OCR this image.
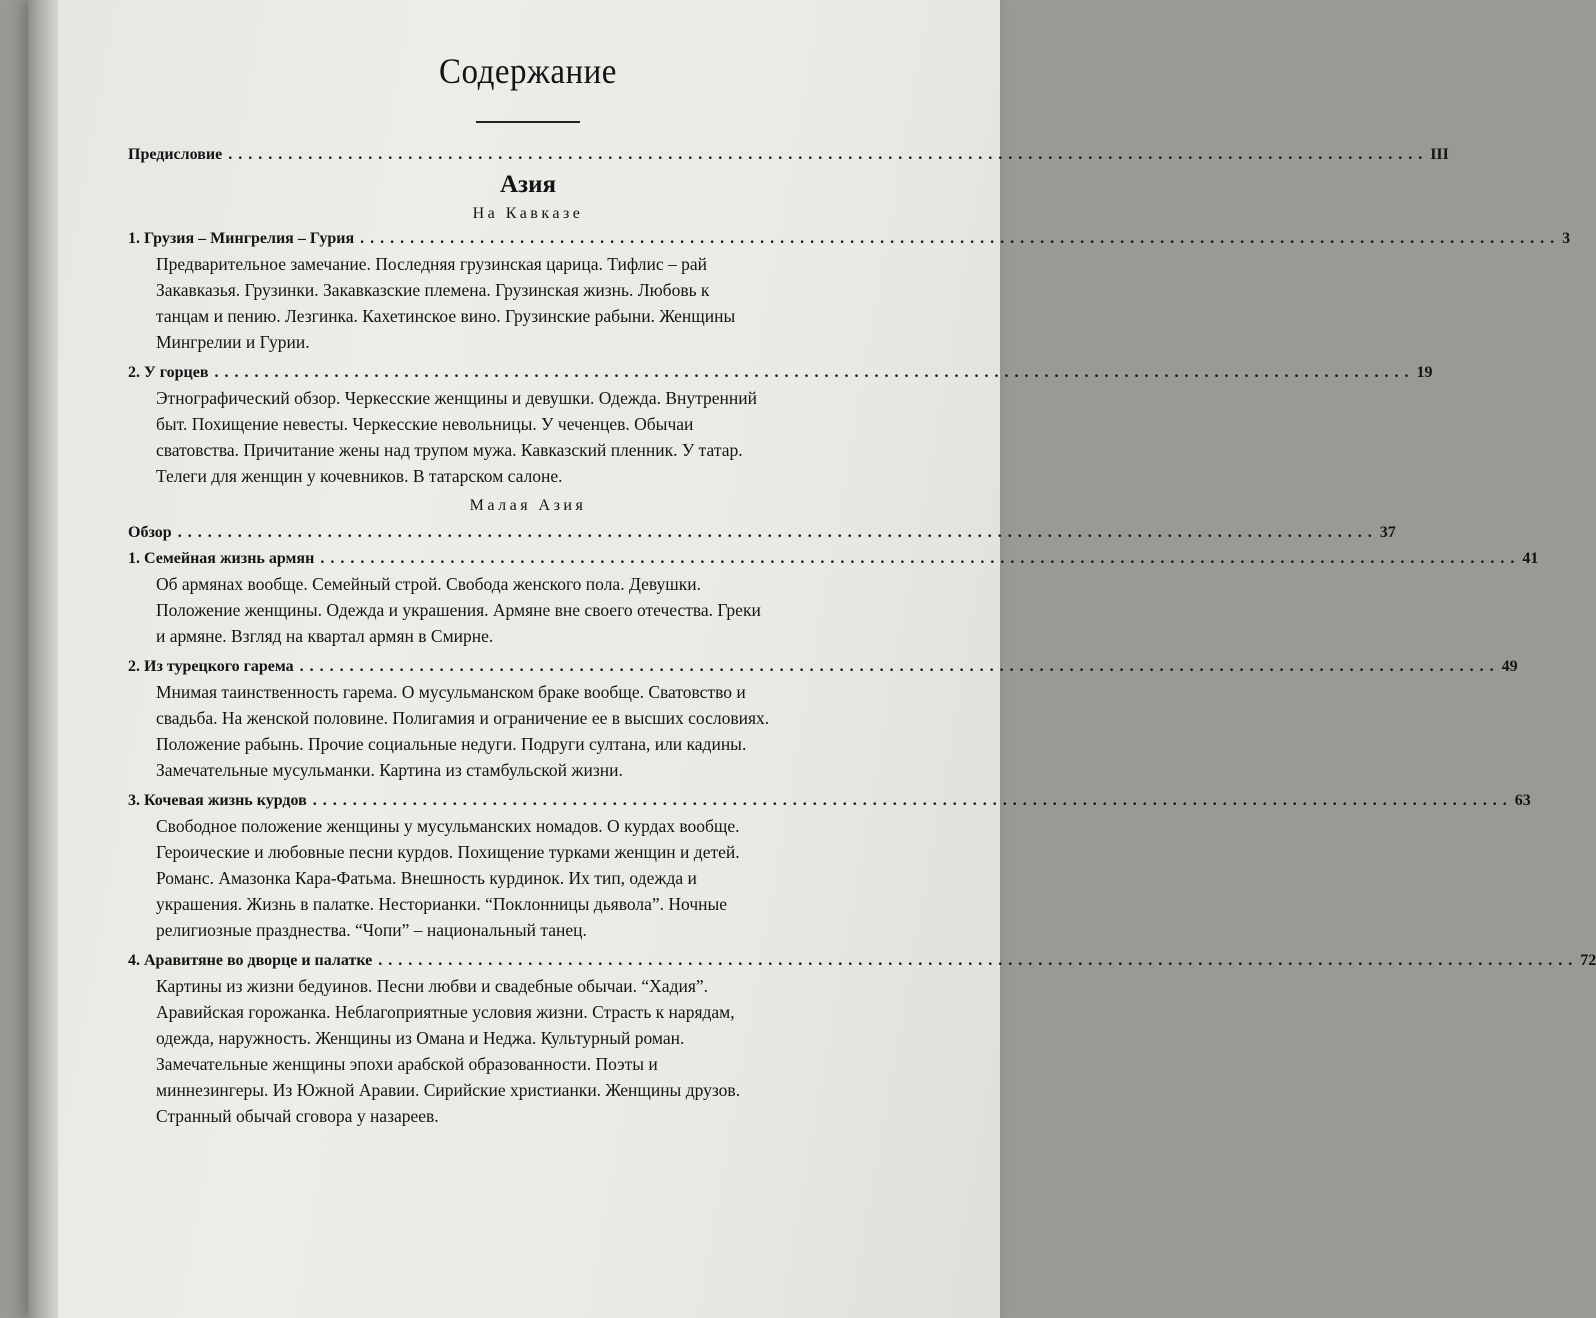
Содержание
Предисловие ........................................................................................................................ III
Азия
На Кавказе
1. Грузия – Мингрелия – Гурия ........................................................................................................................ 3
Предварительное замечание. Последняя грузинская царица. Тифлис – рай
Закавказья. Грузинки. Закавказские племена. Грузинская жизнь. Любовь к
танцам и пению. Лезгинка. Кахетинское вино. Грузинские рабыни. Женщины
Мингрелии и Гурии.
2. У горцев ........................................................................................................................ 19
Этнографический обзор. Черкесские женщины и девушки. Одежда. Внутренний
быт. Похищение невесты. Черкесские невольницы. У чеченцев. Обычаи
сватовства. Причитание жены над трупом мужа. Кавказский пленник. У татар.
Телеги для женщин у кочевников. В татарском салоне.
Малая Азия
Обзор ........................................................................................................................ 37
1. Семейная жизнь армян ........................................................................................................................ 41
Об армянах вообще. Семейный строй. Свобода женского пола. Девушки.
Положение женщины. Одежда и украшения. Армяне вне своего отечества. Греки
и армяне. Взгляд на квартал армян в Смирне.
2. Из турецкого гарема ........................................................................................................................ 49
Мнимая таинственность гарема. О мусульманском браке вообще. Сватовство и
свадьба. На женской половине. Полигамия и ограничение ее в высших сословиях.
Положение рабынь. Прочие социальные недуги. Подруги султана, или кадины.
Замечательные мусульманки. Картина из стамбульской жизни.
3. Кочевая жизнь курдов ........................................................................................................................ 63
Свободное положение женщины у мусульманских номадов. О курдах вообще.
Героические и любовные песни курдов. Похищение турками женщин и детей.
Романс. Амазонка Кара-Фатьма. Внешность курдинок. Их тип, одежда и
украшения. Жизнь в палатке. Несторианки. “Поклонницы дьявола”. Ночные
религиозные празднества. “Чопи” – национальный танец.
4. Аравитяне во дворце и палатке ........................................................................................................................ 72
Картины из жизни бедуинов. Песни любви и свадебные обычаи. “Хадия”.
Аравийская горожанка. Неблагоприятные условия жизни. Страсть к нарядам,
одежда, наружность. Женщины из Омана и Неджа. Культурный роман.
Замечательные женщины эпохи арабской образованности. Поэты и
миннезингеры. Из Южной Аравии. Сирийские христианки. Женщины друзов.
Странный обычай сговора у назареев.
